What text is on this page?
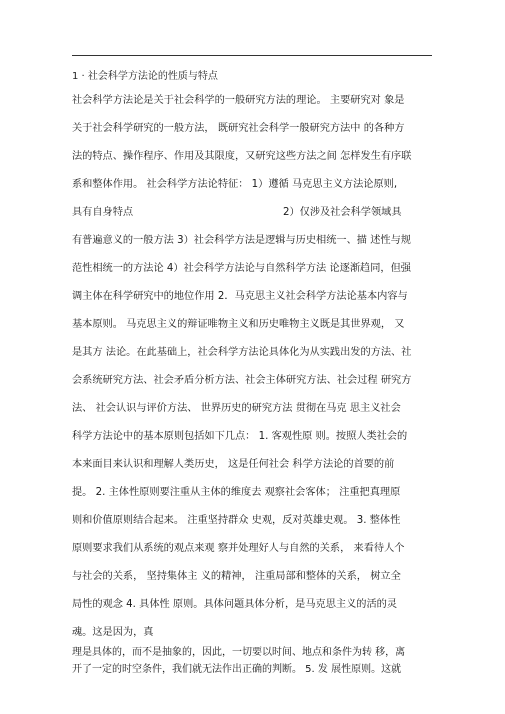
1 · 社会科学方法论的性质与特点
社会科学方法论是关于社会科学的一般研究方法的理论。 主要研究对 象是
关于社会科学研究的一般方法， 既研究社会科学一般研究方法中 的各种方
法的特点、操作程序、作用及其限度，又研究这些方法之间 怎样发生有序联
系和整体作用。 社会科学方法论特征： 1）遵循 马克思主义方法论原则,
具有自身特点	2）仅涉及社会科学领域具
有普遍意义的一般方法 3）社会科学方法是逻辑与历史相统一、描 述性与规
范性相统一的方法论 4）社会科学方法论与自然科学方法 论逐渐趋同，但强
调主体在科学研究中的地位作用 2．马克思主义社会科学方法论基本内容与
基本原则。 马克思主义的辩证唯物主义和历史唯物主义既是其世界观， 又
是其方 法论。在此基础上，社会科学方法论具体化为从实践出发的方法、社
会系统研究方法、社会矛盾分析方法、社会主体研究方法、社会过程 研究方
法、 社会认识与评价方法、 世界历史的研究方法 贯彻在马克 思主义社会
科学方法论中的基本原则包括如下几点： 1. 客观性原 则。按照人类社会的
本来面目来认识和理解人类历史， 这是任何社会 科学方法论的首要的前
提。 2. 主体性原则要注重从主体的维度去 观察社会客体； 注重把真理原
则和价值原则结合起来。 注重坚持群众 史观，反对英雄史观。 3. 整体性
原则要求我们从系统的观点来观 察并处理好人与自然的关系， 来看待人个
与社会的关系， 坚持集体主 义的精神， 注重局部和整体的关系， 树立全
局性的观念 4. 具体性 原则。具体问题具体分析，是马克思主义的活的灵
魂。这是因为，真
理是具体的，而不是抽象的，因此，一切要以时间、地点和条件为转 移，离
开了一定的时空条件，我们就无法作出正确的判断。 5. 发 展性原则。这就
